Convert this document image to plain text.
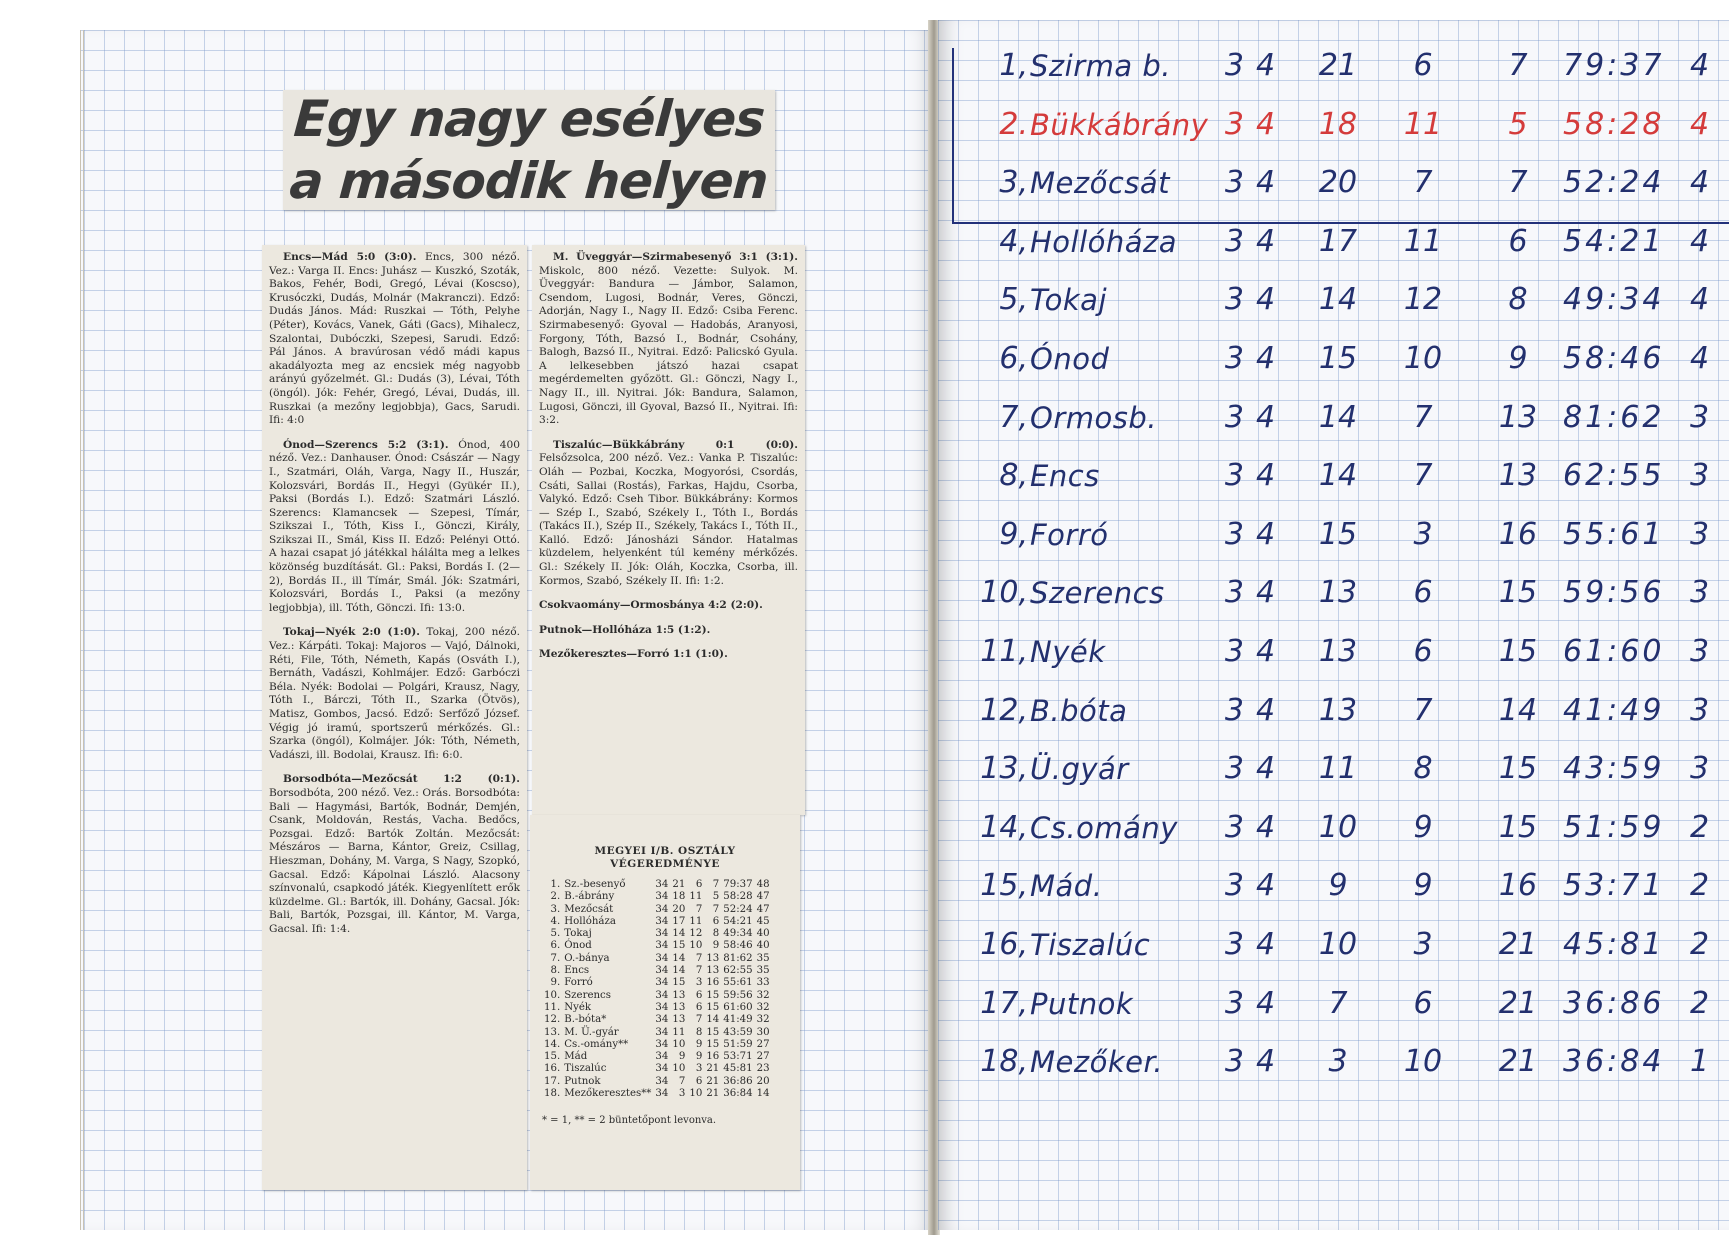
Egy nagy esélyes
a második helyen

Encs—Mád 5:0 (3:0). Encs, 300 néző. Vez.: Varga II. Encs: Juhász — Kuszkó, Szoták, Bakos, Fehér, Bodi, Gregó, Lévai (Koscso), Krusóczki, Dudás, Molnár (Makranczi). Edző: Dudás János. Mád: Ruszkai — Tóth, Pelyhe (Péter), Kovács, Vanek, Gáti (Gacs), Mihalecz, Szalontai, Dubóczki, Szepesi, Sarudi. Edző: Pál János. A bravúrosan védő mádi kapus akadályozta meg az encsiek még nagyobb arányú győzelmét. Gl.: Dudás (3), Lévai, Tóth (öngól). Jók: Fehér, Gregó, Lévai, Dudás, ill. Ruszkai (a mezőny legjobbja), Gacs, Sarudi. Ifi: 4:0

Ónod—Szerencs 5:2 (3:1). Ónod, 400 néző. Vez.: Danhauser. Ónod: Császár — Nagy I., Szatmári, Oláh, Varga, Nagy II., Huszár, Kolozsvári, Bordás II., Hegyi (Gyükér II.), Paksi (Bordás I.). Edző: Szatmári László. Szerencs: Klamancsek — Szepesi, Tímár, Szikszai I., Tóth, Kiss I., Gönczi, Király, Szikszai II., Smál, Kiss II. Edző: Pelényi Ottó. A hazai csapat jó játékkal hálálta meg a lelkes közönség buzdítását. Gl.: Paksi, Bordás I. (2—2), Bordás II., ill Tímár, Smál. Jók: Szatmári, Kolozsvári, Bordás I., Paksi (a mezőny legjobbja), ill. Tóth, Gönczi. Ifi: 13:0.

Tokaj—Nyék 2:0 (1:0). Tokaj, 200 néző. Vez.: Kárpáti. Tokaj: Majoros — Vajó, Dálnoki, Réti, File, Tóth, Németh, Kapás (Osváth I.), Bernáth, Vadászi, Kohlmájer. Edző: Garbóczi Béla. Nyék: Bodolai — Polgári, Krausz, Nagy, Tóth I., Bárczi, Tóth II., Szarka (Ötvös), Matisz, Gombos, Jacsó. Edző: Serfőző József. Végig jó iramú, sportszerű mérkőzés. Gl.: Szarka (öngól), Kolmájer. Jók: Tóth, Németh, Vadászi, ill. Bodolai, Krausz. Ifi: 6:0.

Borsodbóta—Mezőcsát 1:2 (0:1). Borsodbóta, 200 néző. Vez.: Orás. Borsodbóta: Bali — Hagymási, Bartók, Bodnár, Demjén, Csank, Moldován, Restás, Vacha. Bedőcs, Pozsgai. Edző: Bartók Zoltán. Mezőcsát: Mészáros — Barna, Kántor, Greiz, Csillag, Hieszman, Dohány, M. Varga, S Nagy, Szopkó, Gacsal. Edző: Kápolnai László. Alacsony színvonalú, csapkodó játék. Kiegyenlített erők küzdelme. Gl.: Bartók, ill. Dohány, Gacsal. Jók: Bali, Bartók, Pozsgai, ill. Kántor, M. Varga, Gacsal. Ifi: 1:4.

M. Üveggyár—Szirmabesenyő 3:1 (3:1). Miskolc, 800 néző. Vezette: Sulyok. M. Üveggyár: Bandura — Jámbor, Salamon, Csendom, Lugosi, Bodnár, Veres, Gönczi, Adorján, Nagy I., Nagy II. Edző: Csiba Ferenc. Szirmabesenyő: Gyoval — Hadobás, Aranyosi, Forgony, Tóth, Bazsó I., Bodnár, Csohány, Balogh, Bazsó II., Nyitrai. Edző: Palicskó Gyula. A lelkesebben játszó hazai csapat megérdemelten győzött. Gl.: Gönczi, Nagy I., Nagy II., ill. Nyitrai. Jók: Bandura, Salamon, Lugosi, Gönczi, ill Gyoval, Bazsó II., Nyitrai. Ifi: 3:2.

Tiszalúc—Bükkábrány 0:1 (0:0). Felsőzsolca, 200 néző. Vez.: Vanka P. Tiszalúc: Oláh — Pozbai, Koczka, Mogyorósi, Csordás, Csáti, Sallai (Rostás), Farkas, Hajdu, Csorba, Valykó. Edző: Cseh Tibor. Bükkábrány: Kormos — Szép I., Szabó, Székely I., Tóth I., Bordás (Takács II.), Szép II., Székely, Takács I., Tóth II., Kalló. Edző: Jánosházi Sándor. Hatalmas küzdelem, helyenként túl kemény mérkőzés. Gl.: Székely II. Jók: Oláh, Koczka, Csorba, ill. Kormos, Szabó, Székely II. Ifi: 1:2.

Csokvaomány—Ormosbánya 4:2 (2:0).

Putnok—Hollóháza 1:5 (1:2).

Mezőkeresztes—Forró 1:1 (1:0).

MEGYEI I/B. OSZTÁLY
VÉGEREDMÉNYE
1.	Sz.-besenyő	34	21	6	7	79:37	48
2.	B.-ábrány	34	18	11	5	58:28	47
3.	Mezőcsát	34	20	7	7	52:24	47
4.	Hollóháza	34	17	11	6	54:21	45
5.	Tokaj	34	14	12	8	49:34	40
6.	Ónod	34	15	10	9	58:46	40
7.	O.-bánya	34	14	7	13	81:62	35
8.	Encs	34	14	7	13	62:55	35
9.	Forró	34	15	3	16	55:61	33
10.	Szerencs	34	13	6	15	59:56	32
11.	Nyék	34	13	6	15	61:60	32
12.	B.-bóta*	34	13	7	14	41:49	32
13.	M. Ü.-gyár	34	11	8	15	43:59	30
14.	Cs.-omány**	34	10	9	15	51:59	27
15.	Mád	34	9	9	16	53:71	27
16.	Tiszalúc	34	10	3	21	45:81	23
17.	Putnok	34	7	6	21	36:86	20
18.	Mezőkeresztes**	34	3	10	21	36:84	14
* = 1, ** = 2 büntetőpont levonva.
1, Szirma b. 34	21	6	7	79:37 4
2. Bükkábrány 34	18	11	5	58:28 4
3, Mezőcsát 34	20	7	7	52:24 4
4, Hollóháza 34	17	11	6	54:21 4
5, Tokaj	34	14	12	8	49:34 4
6, Ónod	34	15	10	9	58:46 4
7, Ormosb. 34	14	7	13 81:62 3
8, Encs	34	14	7	13 62:55 3
9, Forró	34	15	3	16 55:61 3
10, Szerencs 34	13	6	15 59:56 3
11, Nyék	34	13	6	15 61:60 3
12, B.bóta	34	13	7	14 41:49 3
13, Ü.gyár	34	11	8	15 43:59 3
14, Cs.omány 34	10	9	15 51:59 2
15, Mád.	34	9	9	16 53:71 2
16, Tiszalúc 34	10	3	21 45:81 2
17, Putnok	34	7	6	21 36:86 2
18, Mezőker. 34	3	10	21 36:84 1
